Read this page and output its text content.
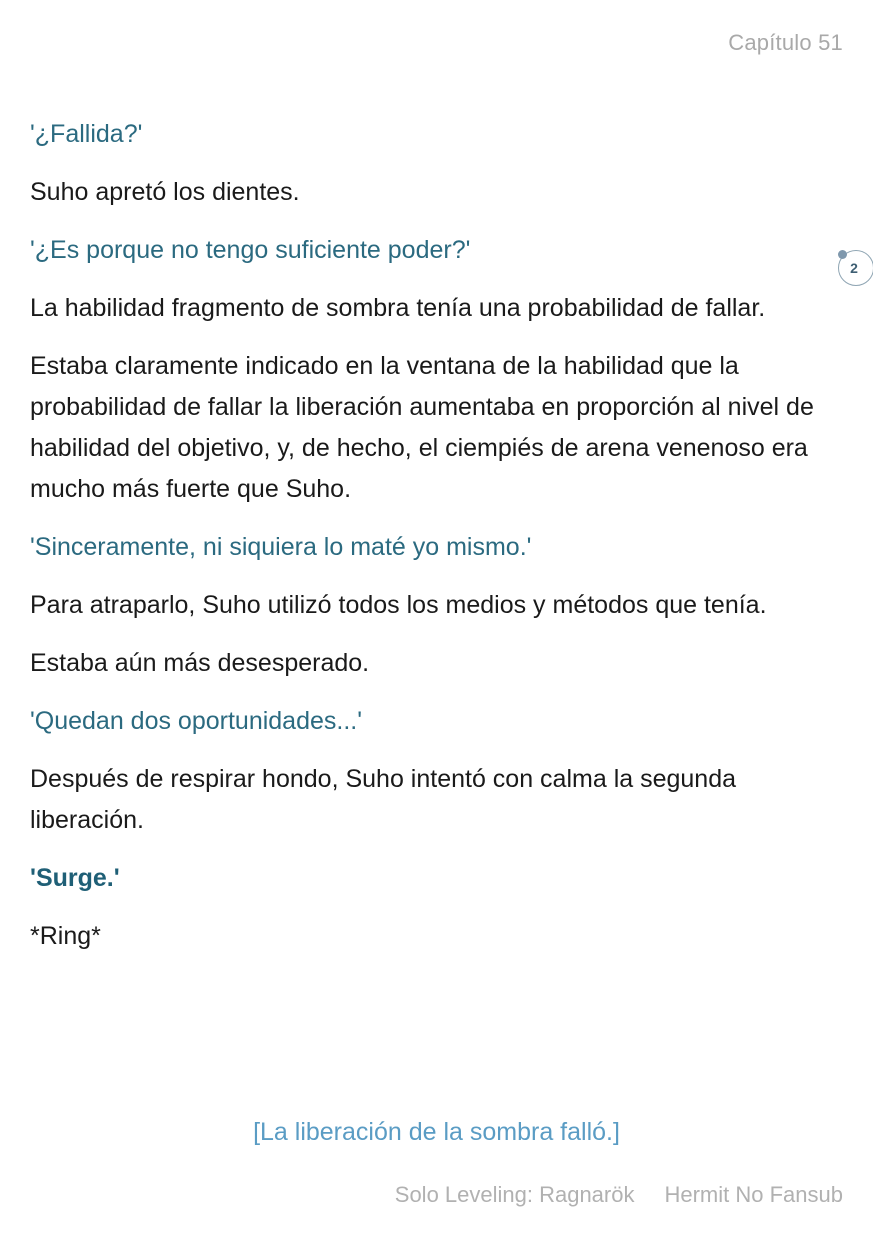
Capítulo 51

'¿Fallida?'

Suho apretó los dientes.

'¿Es porque no tengo suficiente poder?'

La habilidad fragmento de sombra tenía una probabilidad de fallar.

Estaba claramente indicado en la ventana de la habilidad que la probabilidad de fallar la liberación aumentaba en proporción al nivel de habilidad del objetivo, y, de hecho, el ciempiés de arena venenoso era mucho más fuerte que Suho.

'Sinceramente, ni siquiera lo maté yo mismo.'

Para atraparlo, Suho utilizó todos los medios y métodos que tenía.

Estaba aún más desesperado.

'Quedan dos oportunidades...'

Después de respirar hondo, Suho intentó con calma la segunda liberación.

'Surge.'

*Ring*

2
[La liberación de la sombra falló.]
Solo Leveling: Ragnarök Hermit No Fansub
